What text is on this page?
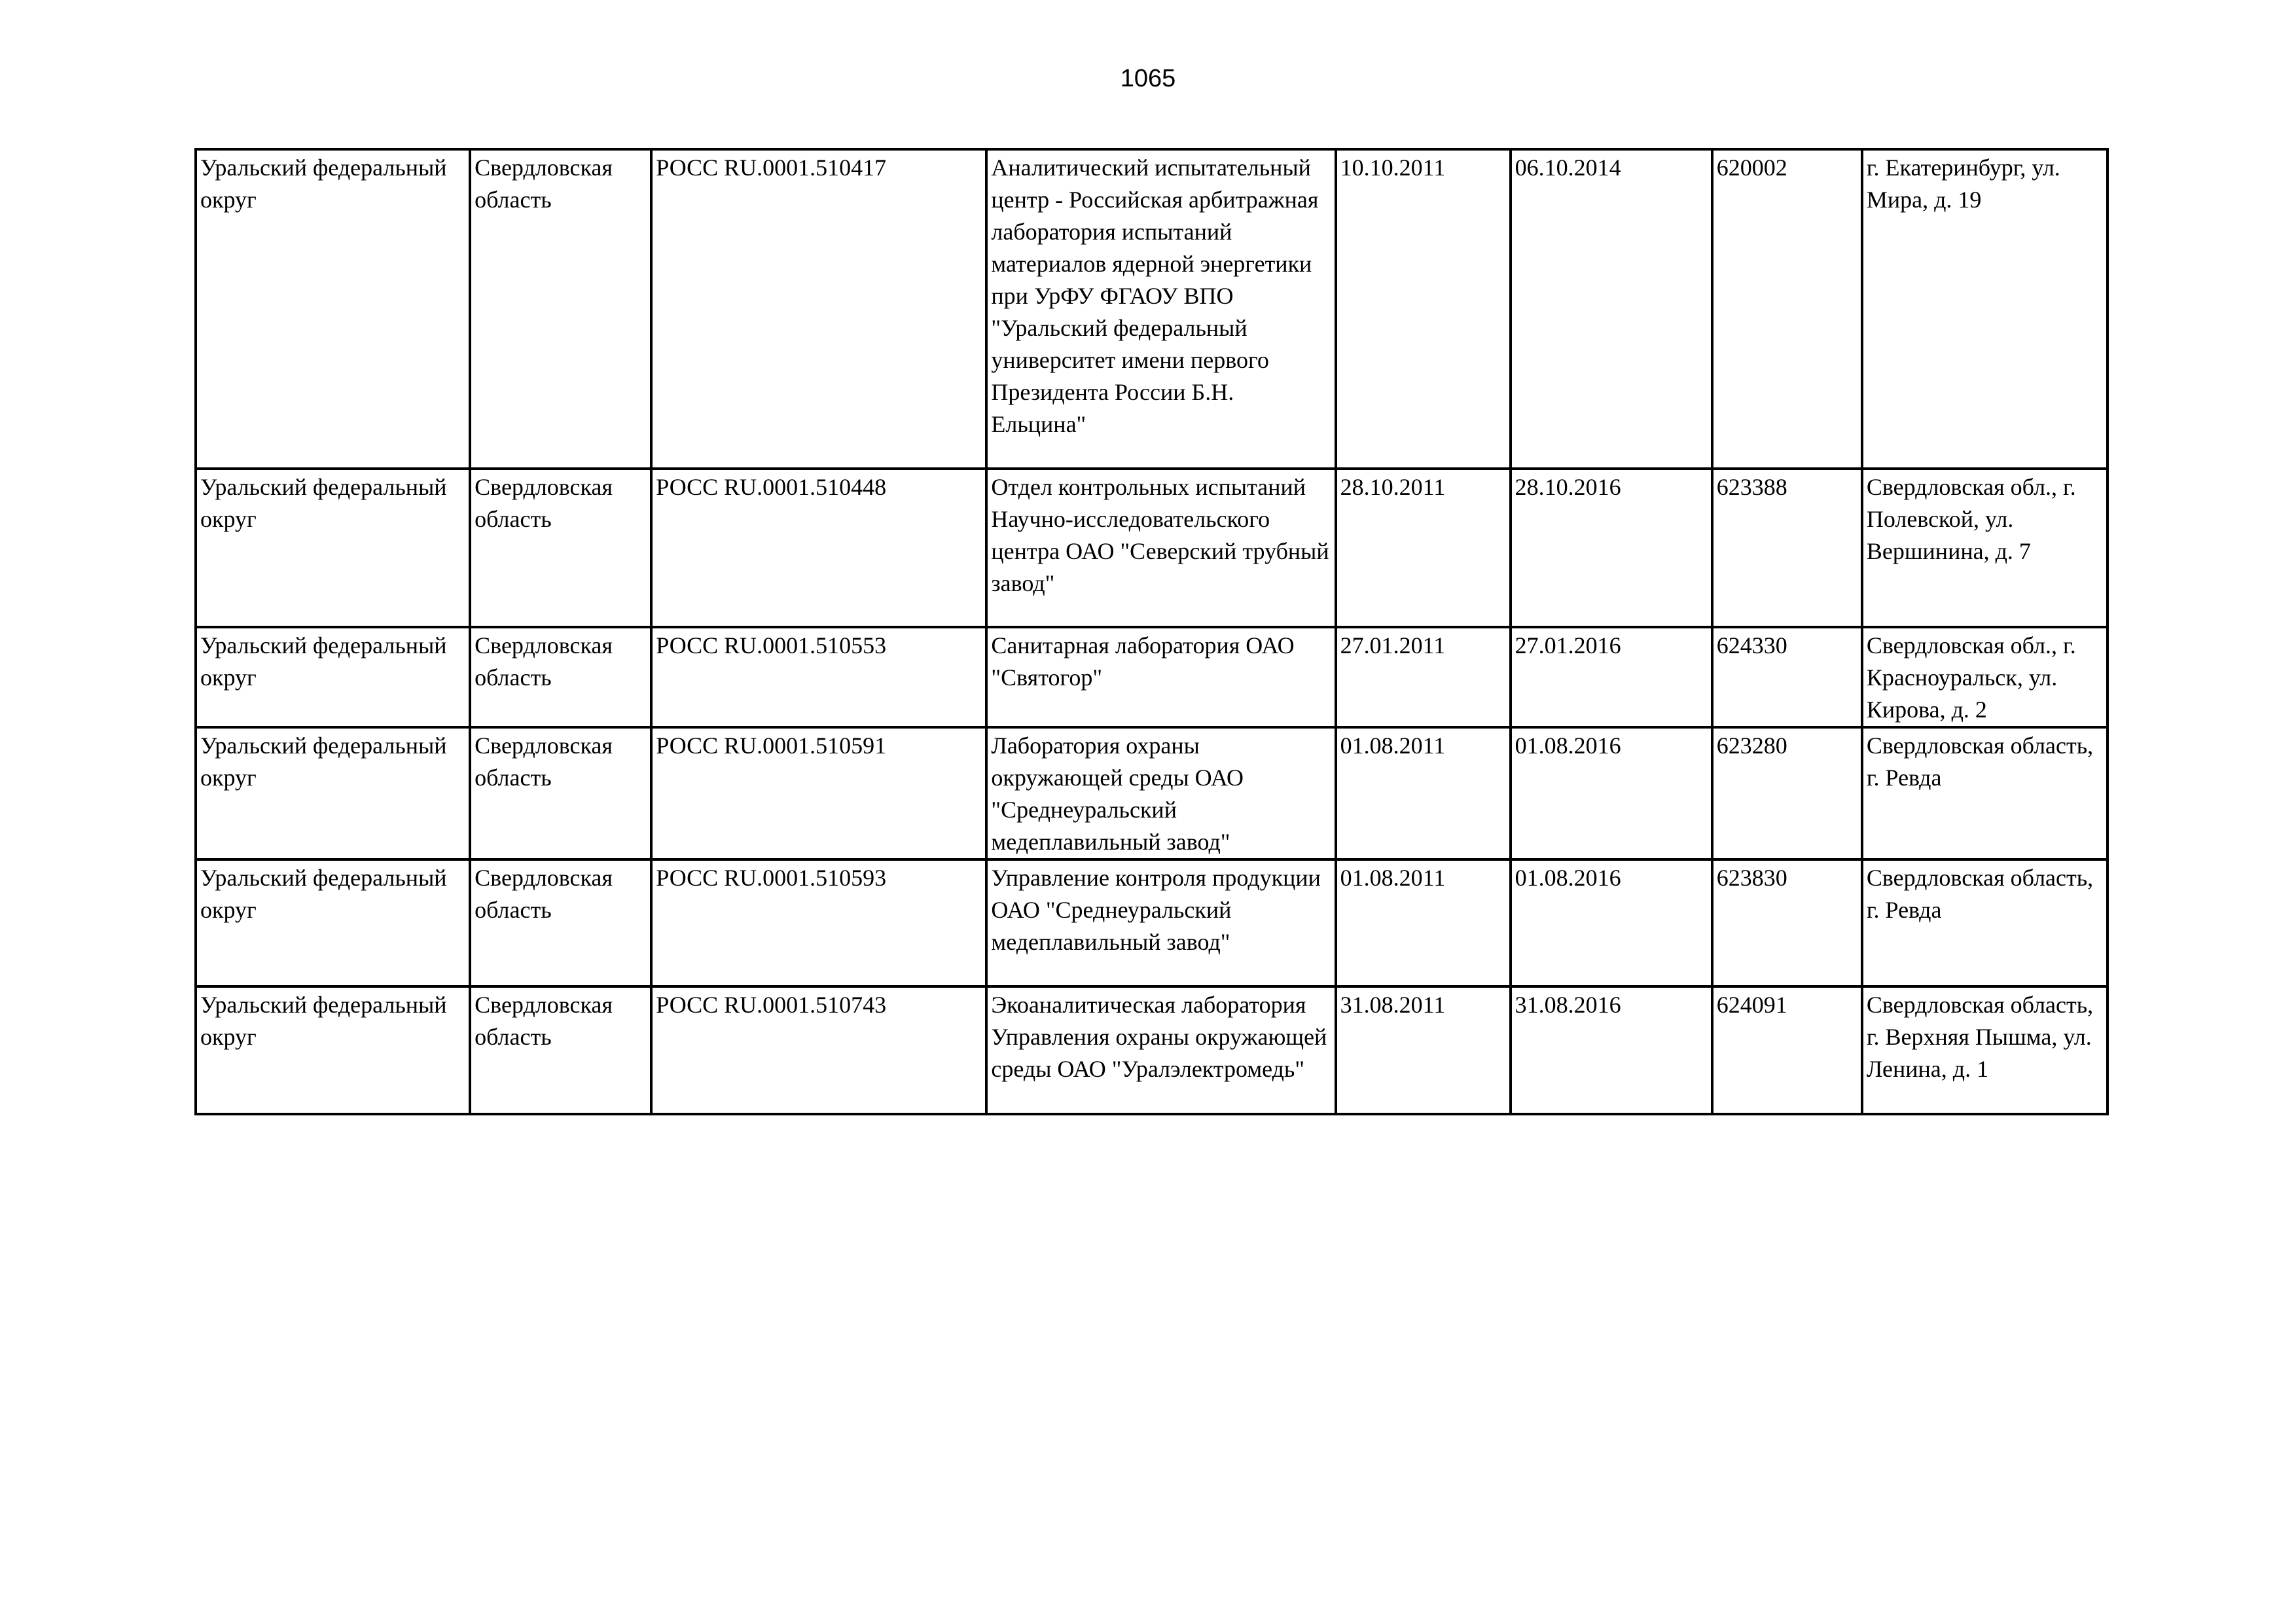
1065
Уральский федеральный округ	Свердловская область	РОСС RU.0001.510417	Аналитический испытательный центр - Российская арбитражная лаборатория испытаний материалов ядерной энергетики при УрФУ ФГАОУ ВПО "Уральский федеральный университет имени первого Президента России Б.Н. Ельцина"	10.10.2011	06.10.2014	620002	г. Екатеринбург, ул. Мира, д. 19
Уральский федеральный округ	Свердловская область	РОСС RU.0001.510448	Отдел контрольных испытаний Научно-исследовательского центра ОАО "Северский трубный завод"	28.10.2011	28.10.2016	623388	Свердловская обл., г. Полевской, ул. Вершинина, д. 7
Уральский федеральный округ	Свердловская область	РОСС RU.0001.510553	Санитарная лаборатория ОАО "Святогор"	27.01.2011	27.01.2016	624330	Свердловская обл., г. Красноуральск, ул. Кирова, д. 2
Уральский федеральный округ	Свердловская область	РОСС RU.0001.510591	Лаборатория охраны окружающей среды ОАО "Среднеуральский медеплавильный завод"	01.08.2011	01.08.2016	623280	Свердловская область, г. Ревда
Уральский федеральный округ	Свердловская область	РОСС RU.0001.510593	Управление контроля продукции ОАО "Среднеуральский медеплавильный завод"	01.08.2011	01.08.2016	623830	Свердловская область, г. Ревда
Уральский федеральный округ	Свердловская область	РОСС RU.0001.510743	Экоаналитическая лаборатория Управления охраны окружающей среды ОАО "Уралэлектромедь"	31.08.2011	31.08.2016	624091	Свердловская область, г. Верхняя Пышма, ул. Ленина, д. 1
